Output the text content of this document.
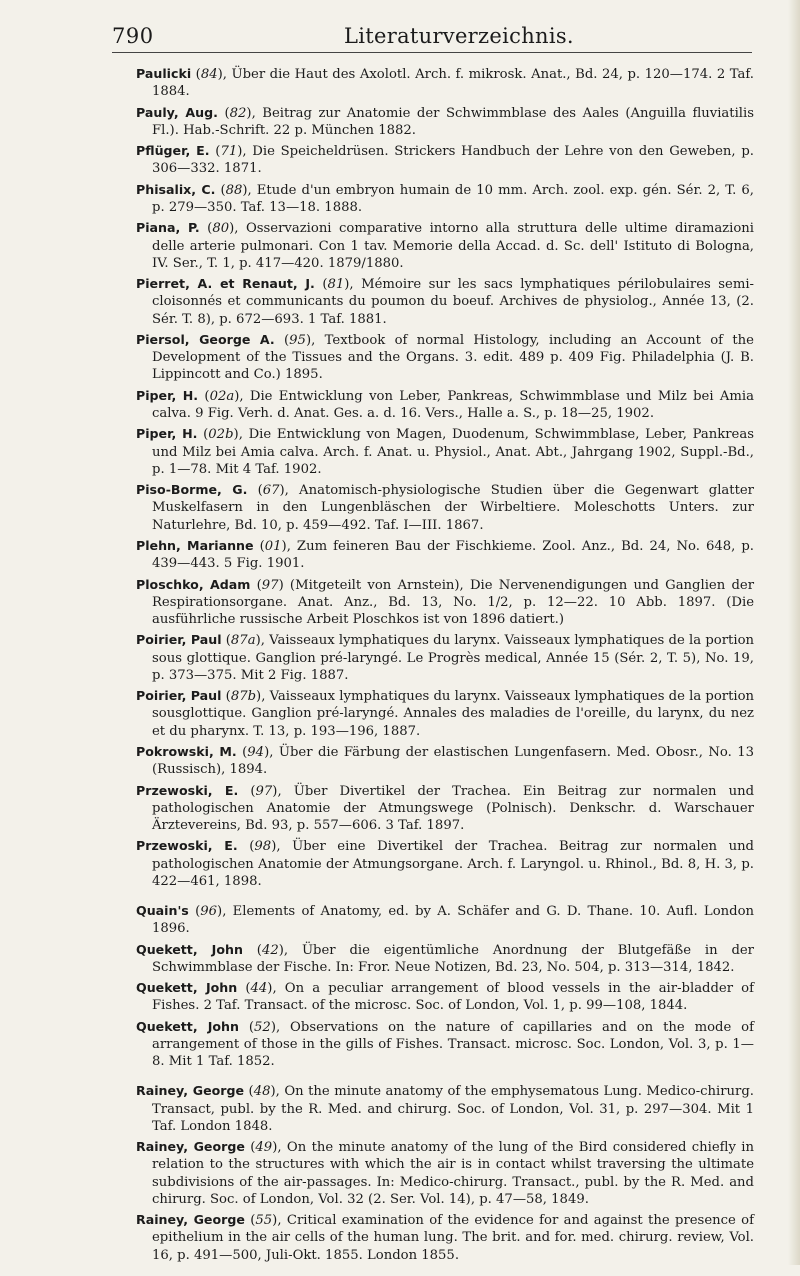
790	Literaturverzeichnis.

Paulicki (84), Über die Haut des Axolotl. Arch. f. mikrosk. Anat., Bd. 24, p. 120—174. 2 Taf. 1884.

Pauly, Aug. (82), Beitrag zur Anatomie der Schwimmblase des Aales (Anguilla fluviatilis Fl.). Hab.-Schrift. 22 p. München 1882.

Pflüger, E. (71), Die Speicheldrüsen. Strickers Handbuch der Lehre von den Geweben, p. 306—332. 1871.

Phisalix, C. (88), Etude d'un embryon humain de 10 mm. Arch. zool. exp. gén. Sér. 2, T. 6, p. 279—350. Taf. 13—18. 1888.

Piana, P. (80), Osservazioni comparative intorno alla struttura delle ultime diramazioni delle arterie pulmonari. Con 1 tav. Memorie della Accad. d. Sc. dell' Istituto di Bologna, IV. Ser., T. 1, p. 417—420. 1879/1880.

Pierret, A. et Renaut, J. (81), Mémoire sur les sacs lymphatiques périlobulaires semi-cloisonnés et communicants du poumon du boeuf. Archives de physiolog., Année 13, (2. Sér. T. 8), p. 672—693. 1 Taf. 1881.

Piersol, George A. (95), Textbook of normal Histology, including an Account of the Development of the Tissues and the Organs. 3. edit. 489 p. 409 Fig. Philadelphia (J. B. Lippincott and Co.) 1895.

Piper, H. (02a), Die Entwicklung von Leber, Pankreas, Schwimmblase und Milz bei Amia calva. 9 Fig. Verh. d. Anat. Ges. a. d. 16. Vers., Halle a. S., p. 18—25, 1902.

Piper, H. (02b), Die Entwicklung von Magen, Duodenum, Schwimmblase, Leber, Pankreas und Milz bei Amia calva. Arch. f. Anat. u. Physiol., Anat. Abt., Jahrgang 1902, Suppl.-Bd., p. 1—78. Mit 4 Taf. 1902.

Piso-Borme, G. (67), Anatomisch-physiologische Studien über die Gegenwart glatter Muskelfasern in den Lungenbläschen der Wirbeltiere. Moleschotts Unters. zur Naturlehre, Bd. 10, p. 459—492. Taf. I—III. 1867.

Plehn, Marianne (01), Zum feineren Bau der Fischkieme. Zool. Anz., Bd. 24, No. 648, p. 439—443. 5 Fig. 1901.

Ploschko, Adam (97) (Mitgeteilt von Arnstein), Die Nervenendigungen und Ganglien der Respirationsorgane. Anat. Anz., Bd. 13, No. 1/2, p. 12—22. 10 Abb. 1897. (Die ausführliche russische Arbeit Ploschkos ist von 1896 datiert.)

Poirier, Paul (87a), Vaisseaux lymphatiques du larynx. Vaisseaux lymphatiques de la portion sous glottique. Ganglion pré-laryngé. Le Progrès medical, Année 15 (Sér. 2, T. 5), No. 19, p. 373—375. Mit 2 Fig. 1887.

Poirier, Paul (87b), Vaisseaux lymphatiques du larynx. Vaisseaux lymphatiques de la portion sousglottique. Ganglion pré-laryngé. Annales des maladies de l'oreille, du larynx, du nez et du pharynx. T. 13, p. 193—196, 1887.

Pokrowski, M. (94), Über die Färbung der elastischen Lungenfasern. Med. Obosr., No. 13 (Russisch), 1894.

Przewoski, E. (97), Über Divertikel der Trachea. Ein Beitrag zur normalen und pathologischen Anatomie der Atmungswege (Polnisch). Denkschr. d. Warschauer Ärztevereins, Bd. 93, p. 557—606. 3 Taf. 1897.

Przewoski, E. (98), Über eine Divertikel der Trachea. Beitrag zur normalen und pathologischen Anatomie der Atmungsorgane. Arch. f. Laryngol. u. Rhinol., Bd. 8, H. 3, p. 422—461, 1898.

Quain's (96), Elements of Anatomy, ed. by A. Schäfer and G. D. Thane. 10. Aufl. London 1896.

Quekett, John (42), Über die eigentümliche Anordnung der Blutgefäße in der Schwimmblase der Fische. In: Fror. Neue Notizen, Bd. 23, No. 504, p. 313—314, 1842.

Quekett, John (44), On a peculiar arrangement of blood vessels in the air-bladder of Fishes. 2 Taf. Transact. of the microsc. Soc. of London, Vol. 1, p. 99—108, 1844.

Quekett, John (52), Observations on the nature of capillaries and on the mode of arrangement of those in the gills of Fishes. Transact. microsc. Soc. London, Vol. 3, p. 1—8. Mit 1 Taf. 1852.

Rainey, George (48), On the minute anatomy of the emphysematous Lung. Medico-chirurg. Transact, publ. by the R. Med. and chirurg. Soc. of London, Vol. 31, p. 297—304. Mit 1 Taf. London 1848.

Rainey, George (49), On the minute anatomy of the lung of the Bird considered chiefly in relation to the structures with which the air is in contact whilst traversing the ultimate subdivisions of the air-passages. In: Medico-chirurg. Transact., publ. by the R. Med. and chirurg. Soc. of London, Vol. 32 (2. Ser. Vol. 14), p. 47—58, 1849.

Rainey, George (55), Critical examination of the evidence for and against the presence of epithelium in the air cells of the human lung. The brit. and for. med. chirurg. review, Vol. 16, p. 491—500, Juli-Okt. 1855. London 1855.
